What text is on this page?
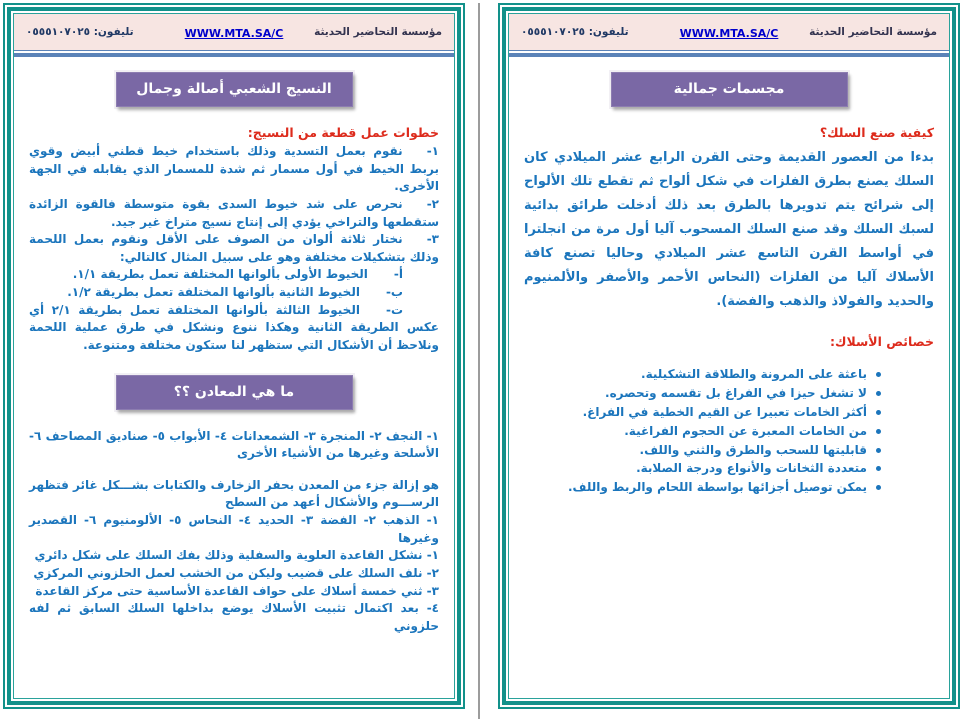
مؤسسة التحاضير الحديثة
WWW.MTA.SA/C
تليفون: ٠٥٥٥١٠٧٠٢٥
النسيج الشعبي أصالة وجمال
خطوات عمل قطعة من النسيج:
١-نقوم بعمل التسدية وذلك باستخدام خيط قطني أبيض وقوي بربط الخيط في أول مسمار ثم شدة للمسمار الذي يقابله في الجهة الأخرى.
٢-نحرص على شد خيوط السدى بقوة متوسطة فالقوة الزائدة ستقطعها والتراخي يؤدي إلى إنتاج نسيج متراخ غير جيد.
٣-نختار ثلاثة ألوان من الصوف على الأقل ونقوم بعمل اللحمة وذلك بتشكيلات مختلفة وهو على سبيل المثال كالتالي:
أ-الخيوط الأولى بألوانها المختلفة تعمل بطريقة ١/١.
ب-الخيوط الثانية بألوانها المختلفة تعمل بطريقة ١/٢.
ت-الخيوط الثالثة بألوانها المختلفة تعمل بطريقة ٢/١ أي عكس الطريقة الثانية وهكذا ننوع ونشكل في طرق عملية اللحمة ونلاحظ أن الأشكال التي ستظهر لنا ستكون مختلفة ومتنوعة.
ما هي المعادن ؟؟

١- النجف ٢- المنجرة ٣- الشمعدانات ٤- الأبواب ٥- صناديق المصاحف ٦- الأسلحة وغيرها من الأشياء الأخرى

هو إزالة جزء من المعدن بحفر الزخارف والكتابات بشـــكل غائر فتظهر الرســـوم والأشكال أعهد من السطح

١- الذهب ٢- الفضة ٣- الحديد ٤- النحاس ٥- الألومنيوم ٦- القصدير وغيرها

١- نشكل القاعدة العلوية والسفلية وذلك بفك السلك على شكل دائري

٢- نلف السلك على قضيب وليكن من الخشب لعمل الحلزوني المركزي

٣- ثني خمسة أسلاك على حواف القاعدة الأساسية حتى مركز القاعدة

٤- بعد اكتمال تثبيت الأسلاك يوضع بداخلها السلك السابق ثم لفه حلزوني

مؤسسة التحاضير الحديثة
WWW.MTA.SA/C
تليفون: ٠٥٥٥١٠٧٠٢٥
مجسمات جمالية
كيفية صنع السلك؟

بدءا من العصور القديمة وحتى القرن الرابع عشر الميلادي كان السلك يصنع بطرق الفلزات في شكل ألواح ثم تقطع تلك الألواح إلى شرائح يتم تدويرها بالطرق بعد ذلك أدخلت طرائق بدائية لسبك السلك وقد صنع السلك المسحوب آليا أول مرة من انجلترا في أواسط القرن التاسع عشر الميلادي وحاليا تصنع كافة الأسلاك آليا من الفلزات (النحاس الأحمر والأصفر والألمنيوم والحديد والفولاذ والذهب والفضة).

خصائص الأسلاك:
باعثة على المرونة والطلاقة التشكيلية.
لا تشغل حيزا في الفراغ بل تقسمه وتحصره.
أكثر الخامات تعبيرا عن القيم الخطية في الفراغ.
من الخامات المعبرة عن الحجوم الفراغية.
قابليتها للسحب والطرق والثني واللف.
متعددة الثخانات والأنواع ودرجة الصلابة.
يمكن توصيل أجزائها بواسطة اللحام والربط واللف.
